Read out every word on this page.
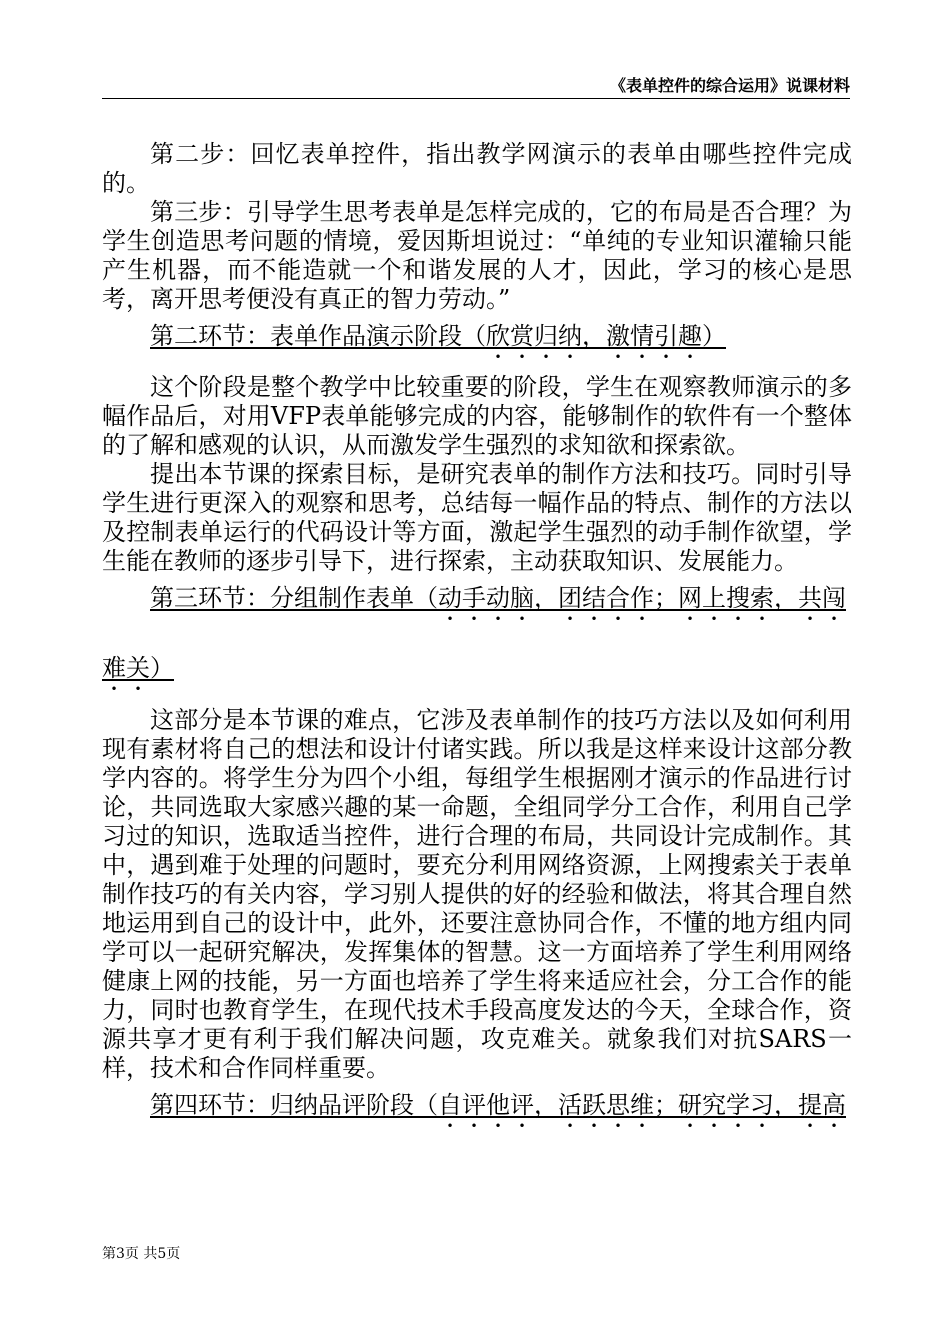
《表单控件的综合运用》说课材料

第二步：回忆表单控件，指出教学网演示的表单由哪些控件完成的。

第三步：引导学生思考表单是怎样完成的，它的布局是否合理？为学生创造思考问题的情境，爱因斯坦说过：“单纯的专业知识灌输只能产生机器，而不能造就一个和谐发展的人才，因此，学习的核心是思考，离开思考便没有真正的智力劳动。”

第二环节：表单作品演示阶段（欣赏归纳，激情引趣）

这个阶段是整个教学中比较重要的阶段，学生在观察教师演示的多幅作品后，对用VFP表单能够完成的内容，能够制作的软件有一个整体的了解和感观的认识，从而激发学生强烈的求知欲和探索欲。

提出本节课的探索目标，是研究表单的制作方法和技巧。同时引导学生进行更深入的观察和思考，总结每一幅作品的特点、制作的方法以及控制表单运行的代码设计等方面，激起学生强烈的动手制作欲望，学生能在教师的逐步引导下，进行探索，主动获取知识、发展能力。

第三环节：分组制作表单（动手动脑，团结合作；网上搜索，共闯

难关）

这部分是本节课的难点，它涉及表单制作的技巧方法以及如何利用现有素材将自己的想法和设计付诸实践。所以我是这样来设计这部分教学内容的。将学生分为四个小组，每组学生根据刚才演示的作品进行讨论，共同选取大家感兴趣的某一命题，全组同学分工合作，利用自己学习过的知识，选取适当控件，进行合理的布局，共同设计完成制作。其中，遇到难于处理的问题时，要充分利用网络资源，上网搜索关于表单制作技巧的有关内容，学习别人提供的好的经验和做法，将其合理自然地运用到自己的设计中，此外，还要注意协同合作，不懂的地方组内同学可以一起研究解决，发挥集体的智慧。这一方面培养了学生利用网络健康上网的技能，另一方面也培养了学生将来适应社会，分工合作的能力，同时也教育学生，在现代技术手段高度发达的今天，全球合作，资源共享才更有利于我们解决问题，攻克难关。就象我们对抗SARS一样，技术和合作同样重要。

第四环节：归纳品评阶段（自评他评，活跃思维；研究学习，提高

第3页 共5页
